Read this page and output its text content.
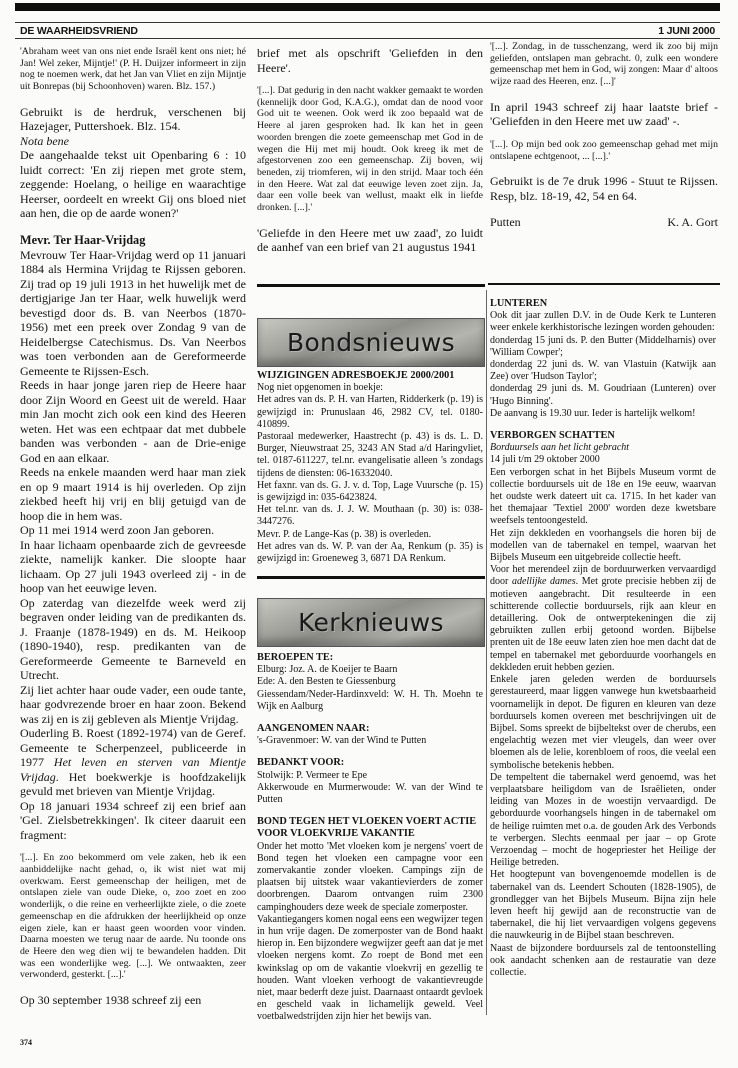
DE WAARHEIDSVRIEND	1 JUNI 2000

'Abraham weet van ons niet ende Israël kent ons niet; hé Jan! Wel zeker, Mijntje!' (P. H. Duijzer informeert in zijn nog te noemen werk, dat het Jan van Vliet en zijn Mijntje uit Bonrepas (bij Schoonhoven) waren. Blz. 157.)

Gebruikt is de herdruk, verschenen bij Hazejager, Puttershoek. Blz. 154.

Nota bene

De aangehaalde tekst uit Openbaring 6 : 10 luidt correct: 'En zij riepen met grote stem, zeggende: Hoelang, o heilige en waarachtige Heerser, oordeelt en wreekt Gij ons bloed niet aan hen, die op de aarde wonen?'

Mevr. Ter Haar-Vrijdag

Mevrouw Ter Haar-Vrijdag werd op 11 januari 1884 als Hermina Vrijdag te Rijssen geboren. Zij trad op 19 juli 1913 in het huwelijk met de dertigjarige Jan ter Haar, welk huwelijk werd bevestigd door ds. B. van Neerbos (1870-1956) met een preek over Zondag 9 van de Heidelbergse Catechismus. Ds. Van Neerbos was toen verbonden aan de Gereformeerde Gemeente te Rijssen-Esch.

Reeds in haar jonge jaren riep de Heere haar door Zijn Woord en Geest uit de wereld. Haar min Jan mocht zich ook een kind des Heeren weten. Het was een echtpaar dat met dubbele banden was verbonden - aan de Drie-enige God en aan elkaar.

Reeds na enkele maanden werd haar man ziek en op 9 maart 1914 is hij overleden. Op zijn ziekbed heeft hij vrij en blij getuigd van de hoop die in hem was.

Op 11 mei 1914 werd zoon Jan geboren.

In haar lichaam openbaarde zich de gevreesde ziekte, namelijk kanker. Die sloopte haar lichaam. Op 27 juli 1943 overleed zij - in de hoop van het eeuwige leven.

Op zaterdag van diezelfde week werd zij begraven onder leiding van de predikanten ds. J. Fraanje (1878-1949) en ds. M. Heikoop (1890-1940), resp. predikanten van de Gereformeerde Gemeente te Barneveld en Utrecht.

Zij liet achter haar oude vader, een oude tante, haar godvrezende broer en haar zoon. Bekend was zij en is zij gebleven als Mientje Vrijdag.

Ouderling B. Roest (1892-1974) van de Geref. Gemeente te Scherpenzeel, publiceerde in 1977 Het leven en sterven van Mientje Vrijdag. Het boekwerkje is hoofdzakelijk gevuld met brieven van Mientje Vrijdag.

Op 18 januari 1934 schreef zij een brief aan 'Gel. Zielsbetrekkingen'. Ik citeer daaruit een fragment:

'[...]. En zoo bekommerd om vele zaken, heb ik een aanbiddelijke nacht gehad, o, ik wist niet wat mij overkwam. Eerst gemeenschap der heiligen, met de ontslapen ziele van oude Dieke, o, zoo zoet en zoo wonderlijk, o die reine en verheerlijkte ziele, o die zoete gemeenschap en die afdrukken der heerlijkheid op onze eigen ziele, kan er haast geen woorden voor vinden. Daarna moesten we terug naar de aarde. Nu toonde ons de Heere den weg dien wij te bewandelen hadden. Dit was een wonderlijke weg. [...]. We ontwaakten, zeer verwonderd, gesterkt. [...].'

Op 30 september 1938 schreef zij een

brief met als opschrift 'Geliefden in den Heere'.

'[...]. Dat gedurig in den nacht wakker gemaakt te worden (kennelijk door God, K.A.G.), omdat dan de nood voor God uit te weenen. Ook werd ik zoo bepaald wat de Heere al jaren gesproken had. Ik kan het in geen woorden brengen die zoete gemeenschap met God in de wegen die Hij met mij houdt. Ook kreeg ik met de afgestorvenen zoo een gemeenschap. Zij boven, wij beneden, zij triomferen, wij in den strijd. Maar toch één in den Heere. Wat zal dat eeuwige leven zoet zijn. Ja, daar een volle beek van wellust, maakt elk in liefde dronken. [...].'

'Geliefde in den Heere met uw zaad', zo luidt de aanhef van een brief van 21 augustus 1941

Bondsnieuws
WIJZIGINGEN ADRESBOEKJE 2000/2001

Nog niet opgenomen in boekje:

Het adres van ds. P. H. van Harten, Ridderkerk (p. 19) is gewijzigd in: Prunuslaan 46, 2982 CV, tel. 0180-410899.

Pastoraal medewerker, Haastrecht (p. 43) is ds. L. D. Burger, Nieuwstraat 25, 3243 AN Stad a/d Haringvliet, tel. 0187-611227, tel.nr. evangelisatie alleen 's zondags tijdens de diensten: 06-16332040.

Het faxnr. van ds. G. J. v. d. Top, Lage Vuursche (p. 15) is gewijzigd in: 035-6423824.

Het tel.nr. van ds. J. J. W. Mouthaan (p. 30) is: 038-3447276.

Mevr. P. de Lange-Kas (p. 38) is overleden.

Het adres van ds. W. P. van der Aa, Renkum (p. 35) is gewijzigd in: Groeneweg 3, 6871 DA Renkum.

Kerknieuws
BEROEPEN TE:

Elburg: Joz. A. de Koeijer te Baarn

Ede: A. den Besten te Giessenburg

Giessendam/Neder-Hardinxveld: W. H. Th. Moehn te Wijk en Aalburg

AANGENOMEN NAAR:

's-Gravenmoer: W. van der Wind te Putten

BEDANKT VOOR:

Stolwijk: P. Vermeer te Epe

Akkerwoude en Murmerwoude: W. van der Wind te Putten

BOND TEGEN HET VLOEKEN VOERT ACTIE VOOR VLOEKVRIJE VAKANTIE

Onder het motto 'Met vloeken kom je nergens' voert de Bond tegen het vloeken een campagne voor een zomervakantie zonder vloeken. Campings zijn de plaatsen bij uitstek waar vakantievierders de zomer doorbrengen. Daarom ontvangen ruim 2300 campinghouders deze week de speciale zomerposter.

Vakantiegangers komen nogal eens een wegwijzer tegen in hun vrije dagen. De zomerposter van de Bond haakt hierop in. Een bijzondere wegwijzer geeft aan dat je met vloeken nergens komt. Zo roept de Bond met een kwinkslag op om de vakantie vloekvrij en gezellig te houden. Want vloeken verhoogt de vakantievreugde niet, maar bederft deze juist. Daarnaast ontaardt gevloek en gescheld vaak in lichamelijk geweld. Veel voetbalwedstrijden zijn hier het bewijs van.

'[...]. Zondag, in de tusschenzang, werd ik zoo bij mijn geliefden, ontslapen man gebracht. 0, zulk een wondere gemeenschap met hem in God, wij zongen: Maar d' altoos wijze raad des Heeren, enz. [...]'

In april 1943 schreef zij haar laatste brief - 'Geliefden in den Heere met uw zaad' -.

'[...]. Op mijn bed ook zoo gemeenschap gehad met mijn ontslapene echtgenoot, ... [...].'

Gebruikt is de 7e druk 1996 - Stuut te Rijssen. Resp, blz. 18-19, 42, 54 en 64.

Putten	K. A. Gort
LUNTEREN

Ook dit jaar zullen D.V. in de Oude Kerk te Lunteren weer enkele kerkhistorische lezingen worden gehouden:

donderdag 15 juni ds. P. den Butter (Middelharnis) over 'William Cowper';

donderdag 22 juni ds. W. van Vlastuin (Katwijk aan Zee) over 'Hudson Taylor';

donderdag 29 juni ds. M. Goudriaan (Lunteren) over 'Hugo Binning'.

De aanvang is 19.30 uur. Ieder is hartelijk welkom!

VERBORGEN SCHATTEN

Borduursels aan het licht gebracht

14 juli t/m 29 oktober 2000

Een verborgen schat in het Bijbels Museum vormt de collectie borduursels uit de 18e en 19e eeuw, waarvan het oudste werk dateert uit ca. 1715. In het kader van het themajaar 'Textiel 2000' worden deze kwetsbare weefsels tentoongesteld.

Het zijn dekkleden en voorhangsels die horen bij de modellen van de tabernakel en tempel, waarvan het Bijbels Museum een uitgebreide collectie heeft.

Voor het merendeel zijn de borduurwerken vervaardigd door adellijke dames. Met grote precisie hebben zij de motieven aangebracht. Dit resulteerde in een schitterende collectie borduursels, rijk aan kleur en detaillering. Ook de ontwerptekeningen die zij gebruikten zullen erbij getoond worden. Bijbelse prenten uit de 18e eeuw laten zien hoe men dacht dat de tempel en tabernakel met geborduurde voorhangels en dekkleden eruit hebben gezien.

Enkele jaren geleden werden de borduursels gerestaureerd, maar liggen vanwege hun kwetsbaarheid voornamelijk in depot. De figuren en kleuren van deze borduursels komen overeen met beschrijvingen uit de Bijbel. Soms spreekt de bijbeltekst over de cherubs, een engelachtig wezen met vier vleugels, dan weer over bloemen als de lelie, korenbloem of roos, die veelal een symbolische betekenis hebben.

De tempeltent die tabernakel werd genoemd, was het verplaatsbare heiligdom van de Israëlieten, onder leiding van Mozes in de woestijn vervaardigd. De geborduurde voorhangsels hingen in de tabernakel om de heilige ruimten met o.a. de gouden Ark des Verbonds te verbergen. Slechts eenmaal per jaar – op Grote Verzoendag – mocht de hogepriester het Heilige der Heilige betreden.

Het hoogtepunt van bovengenoemde modellen is de tabernakel van ds. Leendert Schouten (1828-1905), de grondlegger van het Bijbels Museum. Bijna zijn hele leven heeft hij gewijd aan de reconstructie van de tabernakel, die hij liet vervaardigen volgens gegevens die nauwkeurig in de Bijbel staan beschreven.

Naast de bijzondere borduursels zal de tentoonstelling ook aandacht schenken aan de restauratie van deze collectie.

374
